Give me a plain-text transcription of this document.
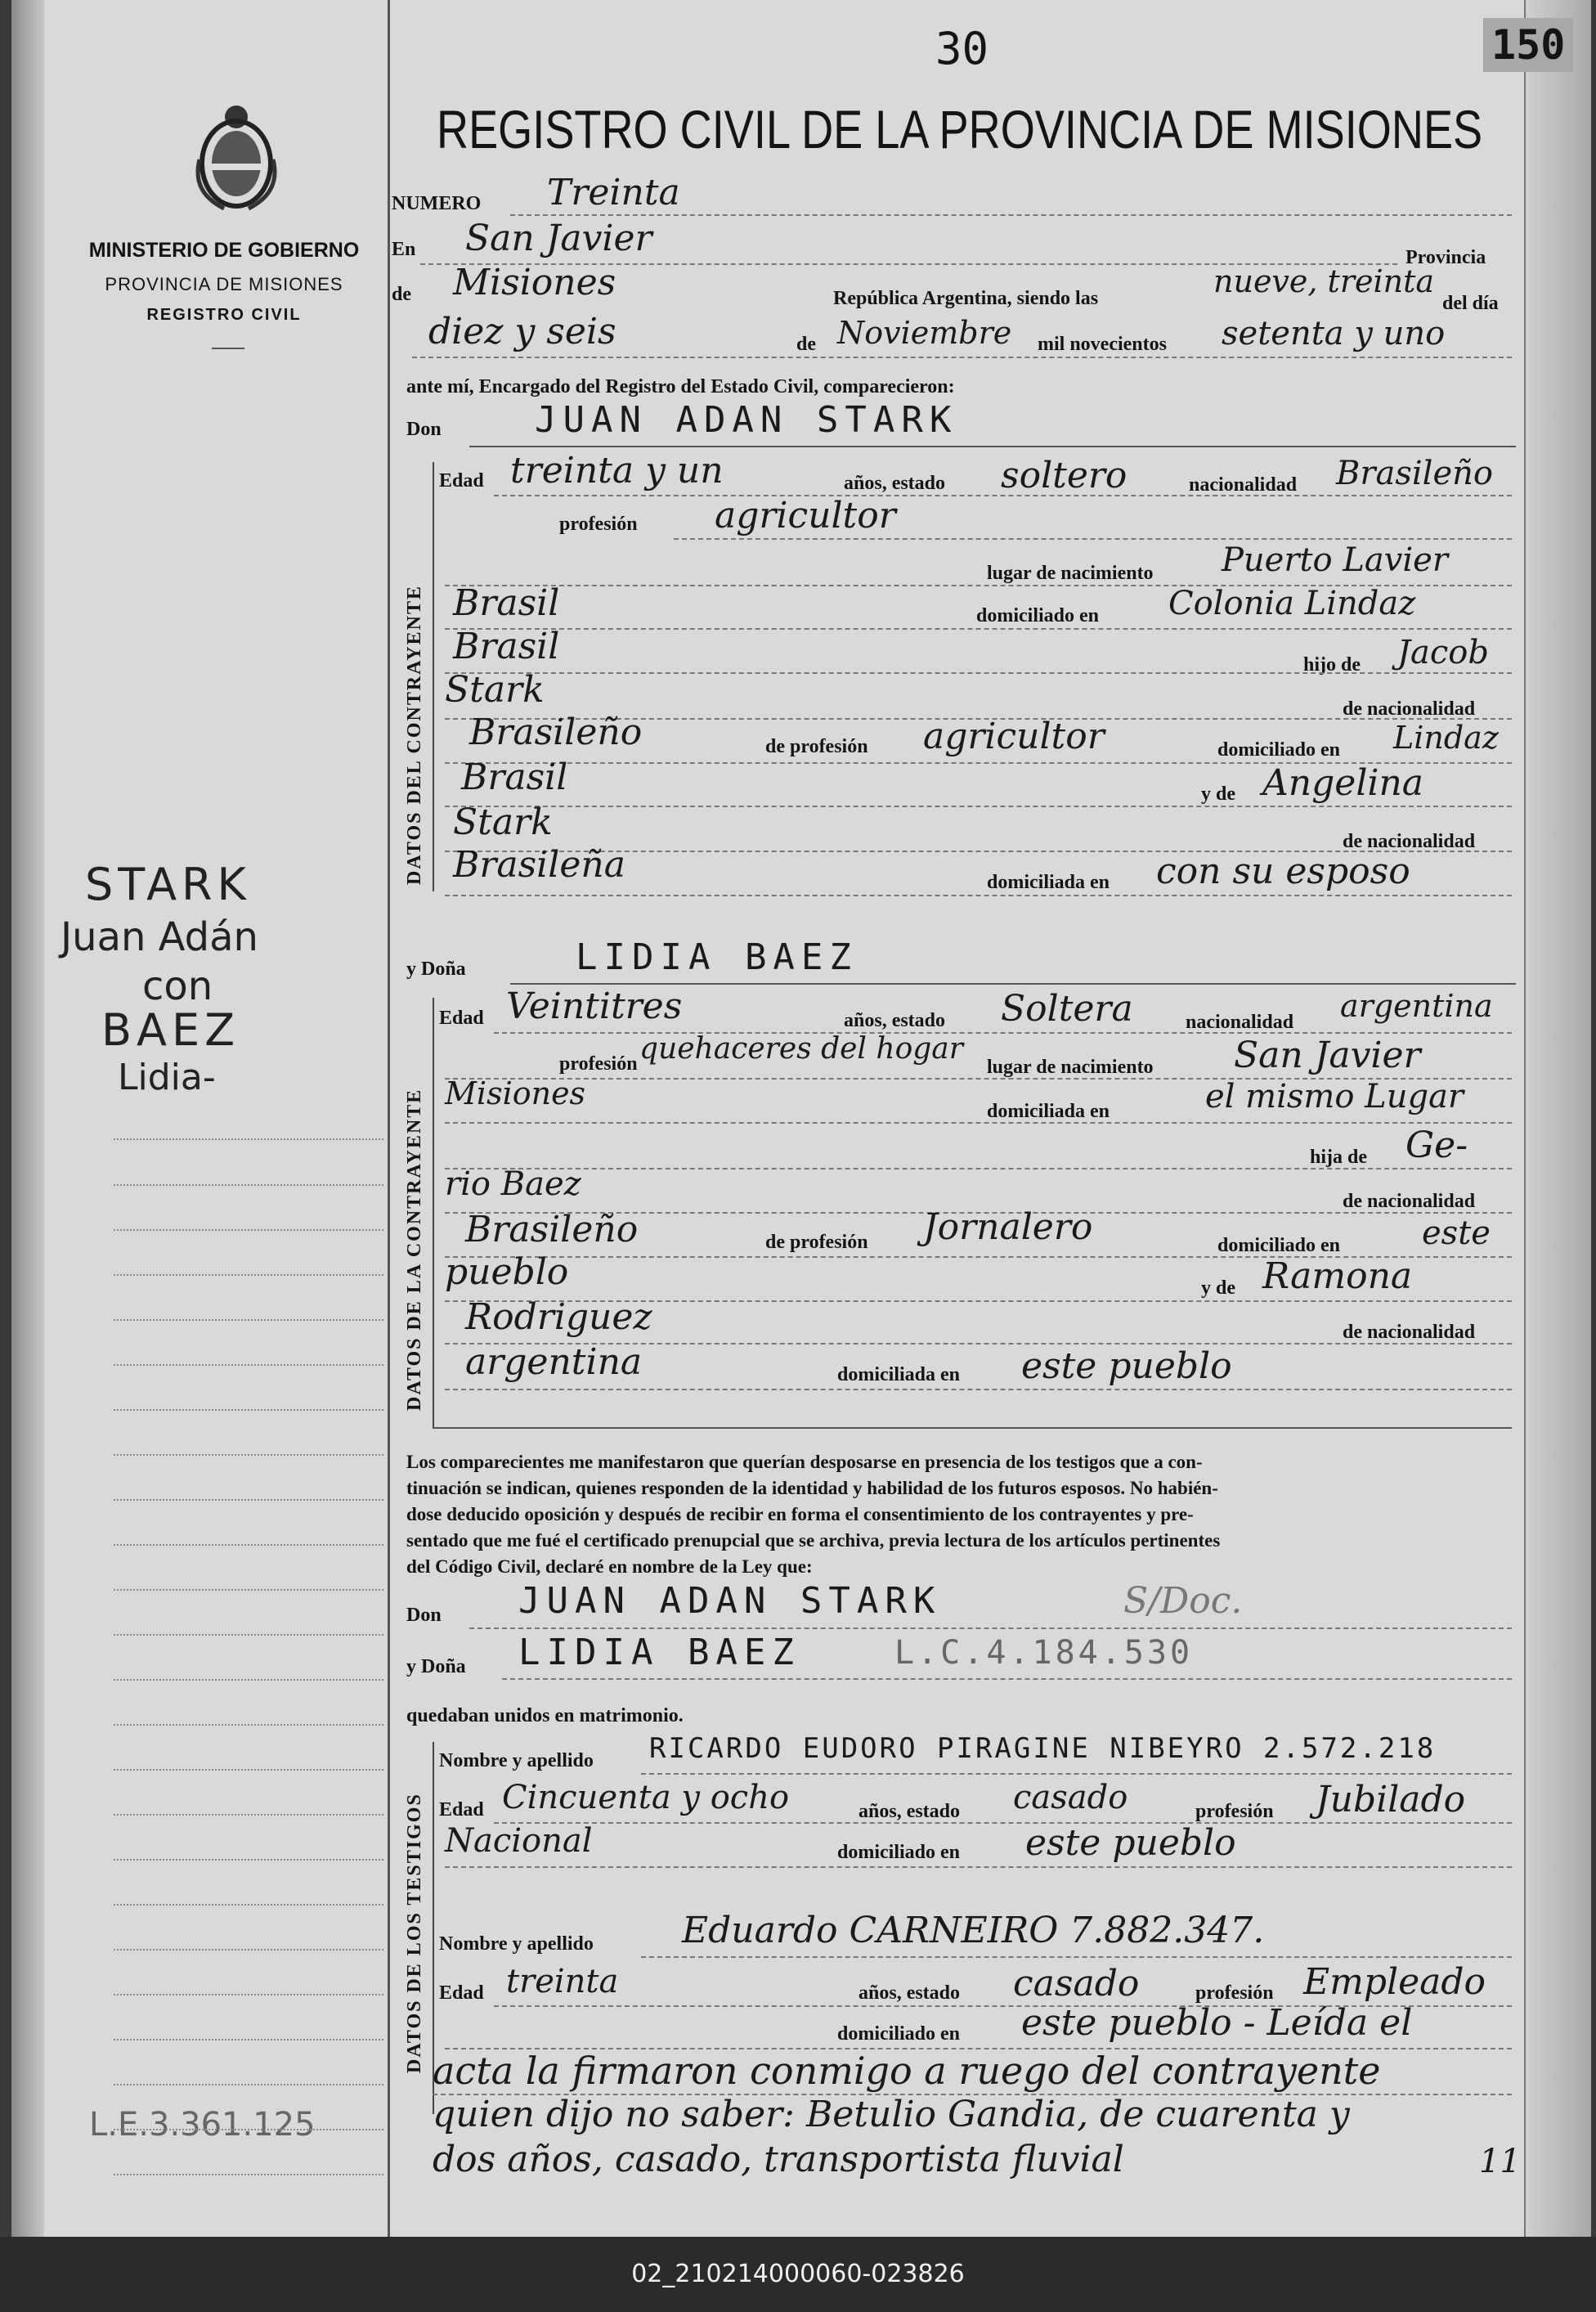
30	150
REGISTRO CIVIL DE LA PROVINCIA DE MISIONES
MINISTERIO DE GOBIERNO
PROVINCIA DE MISIONES
REGISTRO CIVIL
STARK
Juan Adán
con
BAEZ
Lidia-
L.E.3.361.125
NUMERO Treinta
En San Javier	Provincia
de Misiones	República Argentina, siendo las	nueve, treinta
del día
diez y seis	de Noviembre mil novecientos setenta y uno
ante mí, Encargado del Registro del Estado Civil, comparecieron:
Don	JUAN ADAN STARK
DATOS DEL CONTRAYENTE
Edad treinta y un	años, estado soltero	nacionalidad Brasileño
profesión agricultor
lugar de nacimiento Puerto Lavier
Brasil	domiciliado en Colonia Lindaz
Brasil	hijo de Jacob
Stark	de nacionalidad
Brasileño	de profesión agricultor	domiciliado en Lindaz
Brasil	y de Angelina
Stark	de nacionalidad
Brasileña	domiciliada en con su esposo
y Doña	LIDIA BAEZ
DATOS DE LA CONTRAYENTE
Edad Veintitres	años, estado Soltera	nacionalidad argentina
profesión quehaceres del hogar
lugar de nacimiento San Javier
Misiones	domiciliada en	el mismo Lugar
hija de Ge-
rio Baez	de nacionalidad
Brasileño	de profesión Jornalero	domiciliado en este
pueblo	y de Ramona
Rodriguez	de nacionalidad
argentina	domiciliada en este pueblo
Los comparecientes me manifestaron que querían desposarse en presencia de los testigos que a con-
tinuación se indican, quienes responden de la identidad y habilidad de los futuros esposos. No habién-
dose deducido oposición y después de recibir en forma el consentimiento de los contrayentes y pre-
sentado que me fué el certificado prenupcial que se archiva, previa lectura de los artículos pertinentes
del Código Civil, declaré en nombre de la Ley que:
Don JUAN ADAN STARK	S/Doc.
y Doña LIDIA BAEZ	L.C.4.184.530
quedaban unidos en matrimonio.
DATOS DE LOS TESTIGOS
Nombre y apellido RICARDO EUDORO PIRAGINE NIBEYRO 2.572.218
Edad Cincuenta y ocho	años, estado casado	profesión Jubilado
Nacional	domiciliado en este pueblo
Nombre y apellido Eduardo CARNEIRO 7.882.347.
Edad treinta	años, estado casado	profesión Empleado
domiciliado en este pueblo - Leída el
acta la firmaron conmigo a ruego del contrayente
quien dijo no saber: Betulio Gandia, de cuarenta y
dos años, casado, transportista fluvial	11
02_210214000060-023826
